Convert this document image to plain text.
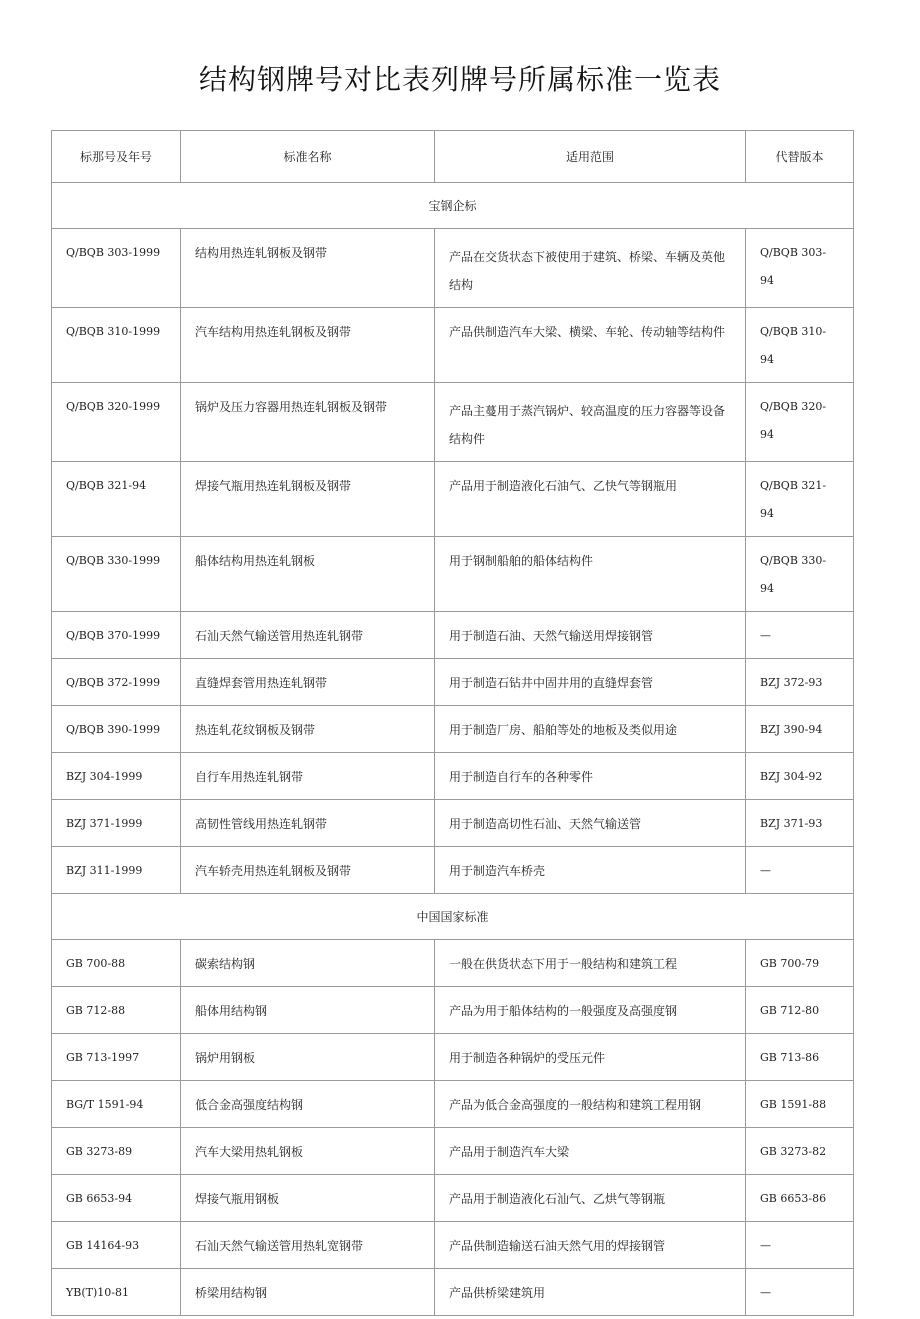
结构钢牌号对比表列牌号所属标准一览表
标那号及年号	标准名称	适用范围	代替版本
宝钢企标			
Q/BQB 303-1999	结构用热连轧钢板及钢带	产品在交货状态下被使用于建筑、桥梁、车辆及英他结构	Q/BQB 303-94
Q/BQB 310-1999	汽车结构用热连轧钢板及钢带	产品供制造汽车大梁、横梁、车轮、传动轴等结构件	Q/BQB 310-94
Q/BQB 320-1999	锅炉及压力容器用热连轧钢板及钢带	产品主蔓用于蒸汽锅炉、较高温度的压力容器等设备结构件	Q/BQB 320-94
Q/BQB 321-94	焊接气瓶用热连轧钢板及钢带	产品用于制造液化石油气、乙快气等钢瓶用	Q/BQB 321-94
Q/BQB 330-1999	船体结构用热连轧钢板	用于钢制船舶的船体结构件	Q/BQB 330-94
Q/BQB 370-1999	石汕天然气输送管用热连轧钢带	用于制造石油、天然气输送用焊接钢管	—
Q/BQB 372-1999	直缝焊套管用热连轧钢带	用于制造石钻井中固井用的直缝焊套管	BZJ 372-93
Q/BQB 390-1999	热连轧花纹钢板及钢带	用于制造厂房、船舶等处的地板及类似用途	BZJ 390-94
BZJ 304-1999	自行车用热连轧钢带	用于制造自行车的各种零件	BZJ 304-92
BZJ 371-1999	高韧性管线用热连轧钢带	用于制造高切性石汕、天然气输送管	BZJ 371-93
BZJ 311-1999	汽车轿壳用热连轧钢板及钢带	用于制造汽车桥壳	—
中国国家标准			
GB 700-88	碳索结构钢	一般在供货状态下用于一般结构和建筑工程	GB 700-79
GB 712-88	船体用结构钢	产品为用于船体结构的一般强度及高强度钢	GB 712-80
GB 713-1997	锅炉用钢板	用于制造各种锅炉的受压元件	GB 713-86
BG/T 1591-94	低合金高强度结构钢	产品为低合金高强度的一般结构和建筑工程用钢	GB 1591-88
GB 3273-89	汽车大梁用热轧钢板	产品用于制造汽车大梁	GB 3273-82
GB 6653-94	焊接气瓶用钢板	产品用于制造液化石汕气、乙烘气等钢瓶	GB 6653-86
GB 14164-93	石汕天然气输送管用热轧宽钢带	产品供制造输送石油天然气用的焊接钢管	—
YB(T)10-81	桥梁用结构钢	产品供桥梁建筑用	—
